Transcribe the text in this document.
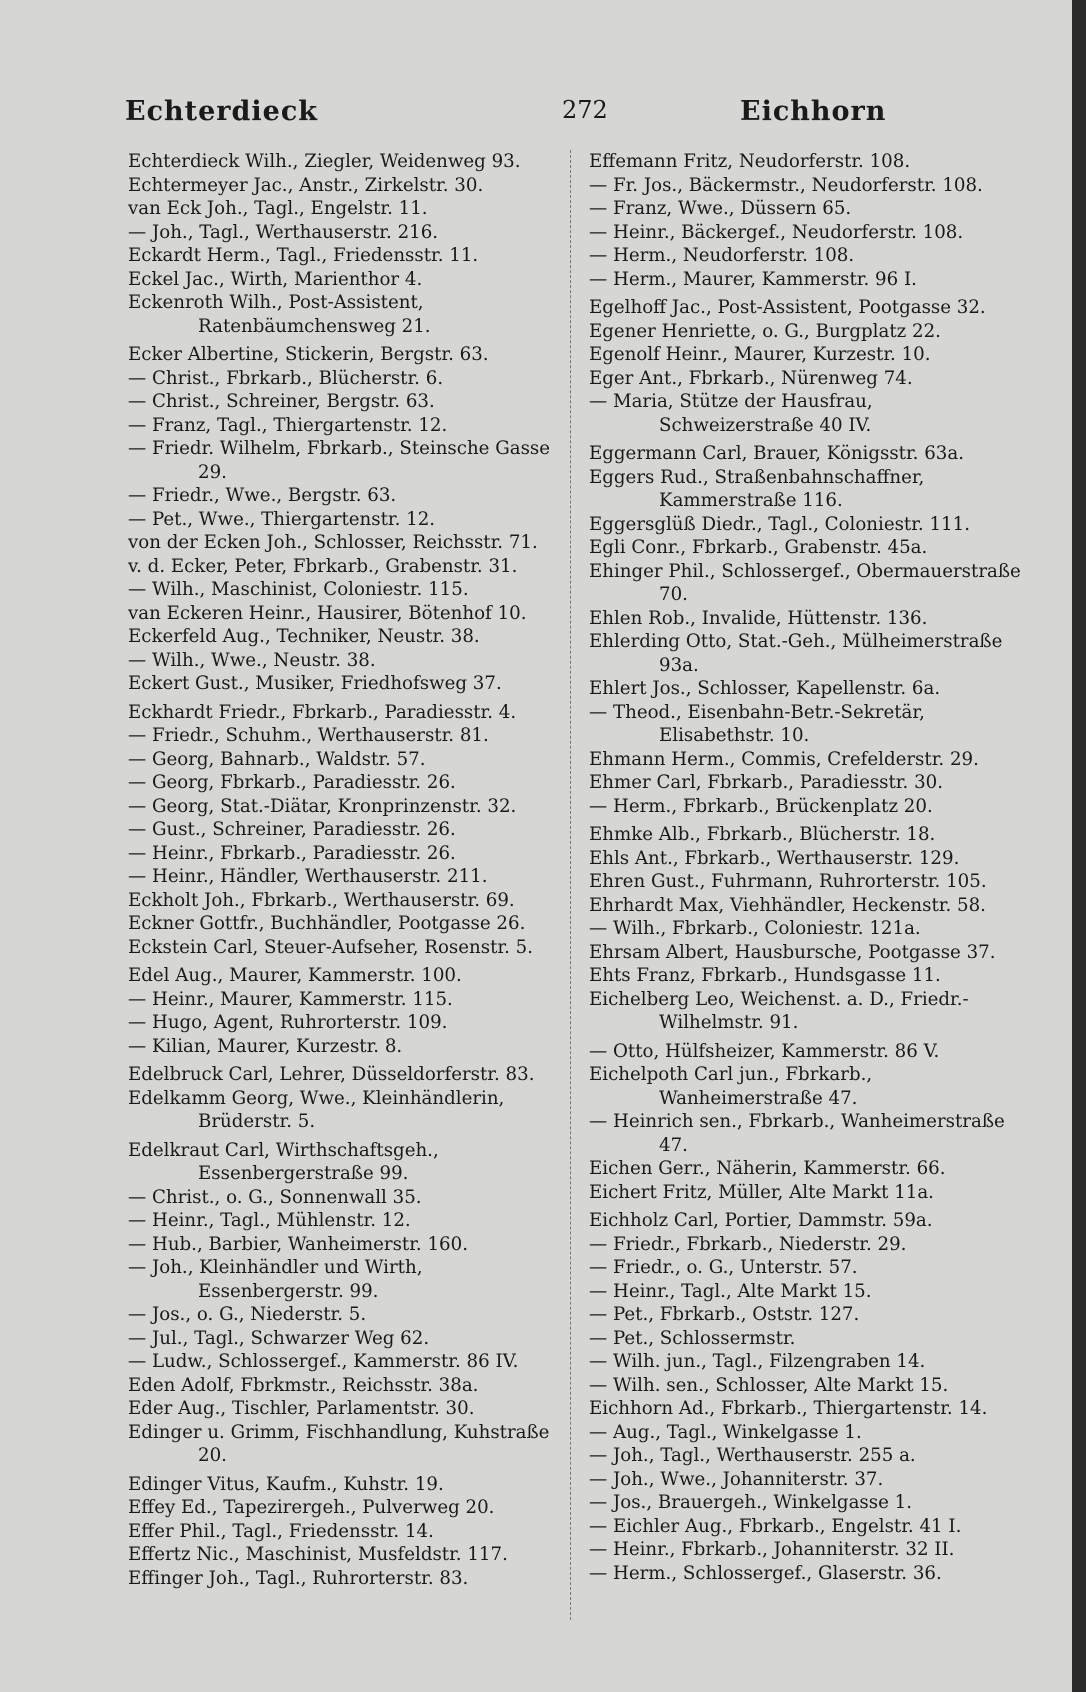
Echterdieck	272	Eichhorn

Echterdieck Wilh., Ziegler, Weidenweg 93.

Echtermeyer Jac., Anstr., Zirkelstr. 30.

van Eck Joh., Tagl., Engelstr. 11.

— Joh., Tagl., Werthauserstr. 216.

Eckardt Herm., Tagl., Friedensstr. 11.

Eckel Jac., Wirth, Marienthor 4.

Eckenroth Wilh., Post-Assistent, Ratenbäumchensweg 21.

Ecker Albertine, Stickerin, Bergstr. 63.

— Christ., Fbrkarb., Blücherstr. 6.

— Christ., Schreiner, Bergstr. 63.

— Franz, Tagl., Thiergartenstr. 12.

— Friedr. Wilhelm, Fbrkarb., Steinsche Gasse 29.

— Friedr., Wwe., Bergstr. 63.

— Pet., Wwe., Thiergartenstr. 12.

von der Ecken Joh., Schlosser, Reichsstr. 71.

v. d. Ecker, Peter, Fbrkarb., Grabenstr. 31.

— Wilh., Maschinist, Coloniestr. 115.

van Eckeren Heinr., Hausirer, Bötenhof 10.

Eckerfeld Aug., Techniker, Neustr. 38.

— Wilh., Wwe., Neustr. 38.

Eckert Gust., Musiker, Friedhofsweg 37.

Eckhardt Friedr., Fbrkarb., Paradiesstr. 4.

— Friedr., Schuhm., Werthauserstr. 81.

— Georg, Bahnarb., Waldstr. 57.

— Georg, Fbrkarb., Paradiesstr. 26.

— Georg, Stat.-Diätar, Kronprinzenstr. 32.

— Gust., Schreiner, Paradiesstr. 26.

— Heinr., Fbrkarb., Paradiesstr. 26.

— Heinr., Händler, Werthauserstr. 211.

Eckholt Joh., Fbrkarb., Werthauserstr. 69.

Eckner Gottfr., Buchhändler, Pootgasse 26.

Eckstein Carl, Steuer-Aufseher, Rosenstr. 5.

Edel Aug., Maurer, Kammerstr. 100.

— Heinr., Maurer, Kammerstr. 115.

— Hugo, Agent, Ruhrorterstr. 109.

— Kilian, Maurer, Kurzestr. 8.

Edelbruck Carl, Lehrer, Düsseldorferstr. 83.

Edelkamm Georg, Wwe., Kleinhändlerin, Brüderstr. 5.

Edelkraut Carl, Wirthschaftsgeh., Essenbergerstraße 99.

— Christ., o. G., Sonnenwall 35.

— Heinr., Tagl., Mühlenstr. 12.

— Hub., Barbier, Wanheimerstr. 160.

— Joh., Kleinhändler und Wirth, Essenbergerstr. 99.

— Jos., o. G., Niederstr. 5.

— Jul., Tagl., Schwarzer Weg 62.

— Ludw., Schlossergef., Kammerstr. 86 IV.

Eden Adolf, Fbrkmstr., Reichsstr. 38a.

Eder Aug., Tischler, Parlamentstr. 30.

Edinger u. Grimm, Fischhandlung, Kuhstraße 20.

Edinger Vitus, Kaufm., Kuhstr. 19.

Effey Ed., Tapezirergeh., Pulverweg 20.

Effer Phil., Tagl., Friedensstr. 14.

Effertz Nic., Maschinist, Musfeldstr. 117.

Effinger Joh., Tagl., Ruhrorterstr. 83.

Effemann Fritz, Neudorferstr. 108.

— Fr. Jos., Bäckermstr., Neudorferstr. 108.

— Franz, Wwe., Düssern 65.

— Heinr., Bäckergef., Neudorferstr. 108.

— Herm., Neudorferstr. 108.

— Herm., Maurer, Kammerstr. 96 I.

Egelhoff Jac., Post-Assistent, Pootgasse 32.

Egener Henriette, o. G., Burgplatz 22.

Egenolf Heinr., Maurer, Kurzestr. 10.

Eger Ant., Fbrkarb., Nürenweg 74.

— Maria, Stütze der Hausfrau, Schweizerstraße 40 IV.

Eggermann Carl, Brauer, Königsstr. 63a.

Eggers Rud., Straßenbahnschaffner, Kammerstraße 116.

Eggersglüß Diedr., Tagl., Coloniestr. 111.

Egli Conr., Fbrkarb., Grabenstr. 45a.

Ehinger Phil., Schlossergef., Obermauerstraße 70.

Ehlen Rob., Invalide, Hüttenstr. 136.

Ehlerding Otto, Stat.-Geh., Mülheimerstraße 93a.

Ehlert Jos., Schlosser, Kapellenstr. 6a.

— Theod., Eisenbahn-Betr.-Sekretär, Elisabethstr. 10.

Ehmann Herm., Commis, Crefelderstr. 29.

Ehmer Carl, Fbrkarb., Paradiesstr. 30.

— Herm., Fbrkarb., Brückenplatz 20.

Ehmke Alb., Fbrkarb., Blücherstr. 18.

Ehls Ant., Fbrkarb., Werthauserstr. 129.

Ehren Gust., Fuhrmann, Ruhrorterstr. 105.

Ehrhardt Max, Viehhändler, Heckenstr. 58.

— Wilh., Fbrkarb., Coloniestr. 121a.

Ehrsam Albert, Hausbursche, Pootgasse 37.

Ehts Franz, Fbrkarb., Hundsgasse 11.

Eichelberg Leo, Weichenst. a. D., Friedr.-Wilhelmstr. 91.

— Otto, Hülfsheizer, Kammerstr. 86 V.

Eichelpoth Carl jun., Fbrkarb., Wanheimerstraße 47.

— Heinrich sen., Fbrkarb., Wanheimerstraße 47.

Eichen Gerr., Näherin, Kammerstr. 66.

Eichert Fritz, Müller, Alte Markt 11a.

Eichholz Carl, Portier, Dammstr. 59a.

— Friedr., Fbrkarb., Niederstr. 29.

— Friedr., o. G., Unterstr. 57.

— Heinr., Tagl., Alte Markt 15.

— Pet., Fbrkarb., Oststr. 127.

— Pet., Schlossermstr.

— Wilh. jun., Tagl., Filzengraben 14.

— Wilh. sen., Schlosser, Alte Markt 15.

Eichhorn Ad., Fbrkarb., Thiergartenstr. 14.

— Aug., Tagl., Winkelgasse 1.

— Joh., Tagl., Werthauserstr. 255 a.

— Joh., Wwe., Johanniterstr. 37.

— Jos., Brauergeh., Winkelgasse 1.

— Eichler Aug., Fbrkarb., Engelstr. 41 I.

— Heinr., Fbrkarb., Johanniterstr. 32 II.

— Herm., Schlossergef., Glaserstr. 36.
